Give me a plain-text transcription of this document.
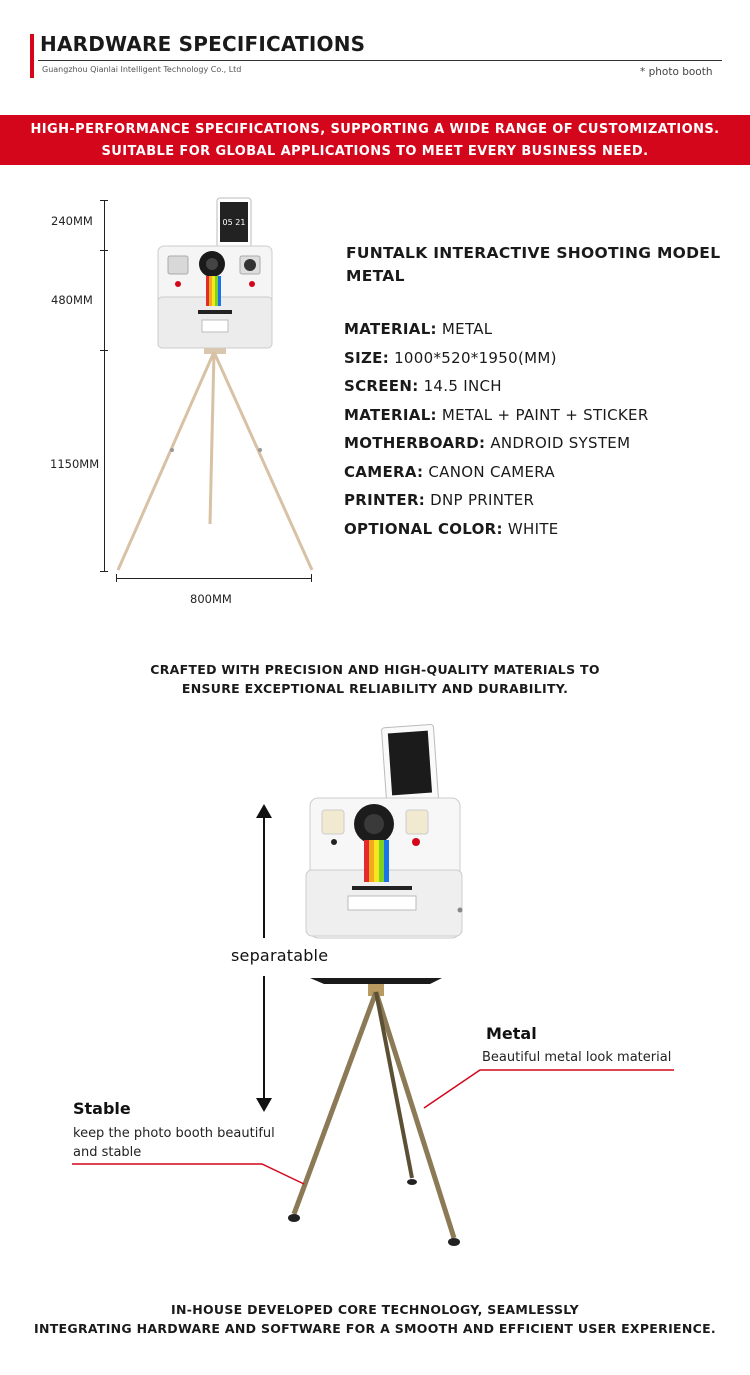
HARDWARE SPECIFICATIONS
Guangzhou Qianlai Intelligent Technology Co., Ltd	* photo booth
HIGH-PERFORMANCE SPECIFICATIONS, SUPPORTING A WIDE RANGE OF CUSTOMIZATIONS.
SUITABLE FOR GLOBAL APPLICATIONS TO MEET EVERY BUSINESS NEED.
240MM
480MM
1150MM
800MM
05 21
FUNTALK INTERACTIVE SHOOTING MODEL
METAL
MATERIAL: METAL
SIZE: 1000*520*1950(MM)
SCREEN: 14.5 INCH
MATERIAL: METAL + PAINT + STICKER
MOTHERBOARD: ANDROID SYSTEM
CAMERA: CANON CAMERA
PRINTER: DNP PRINTER
OPTIONAL COLOR: WHITE
CRAFTED WITH PRECISION AND HIGH-QUALITY MATERIALS TO
ENSURE EXCEPTIONAL RELIABILITY AND DURABILITY.
separatable
Metal
Beautiful metal look material
Stable
keep the photo booth beautiful
and stable
IN-HOUSE DEVELOPED CORE TECHNOLOGY, SEAMLESSLY
INTEGRATING HARDWARE AND SOFTWARE FOR A SMOOTH AND EFFICIENT USER EXPERIENCE.
